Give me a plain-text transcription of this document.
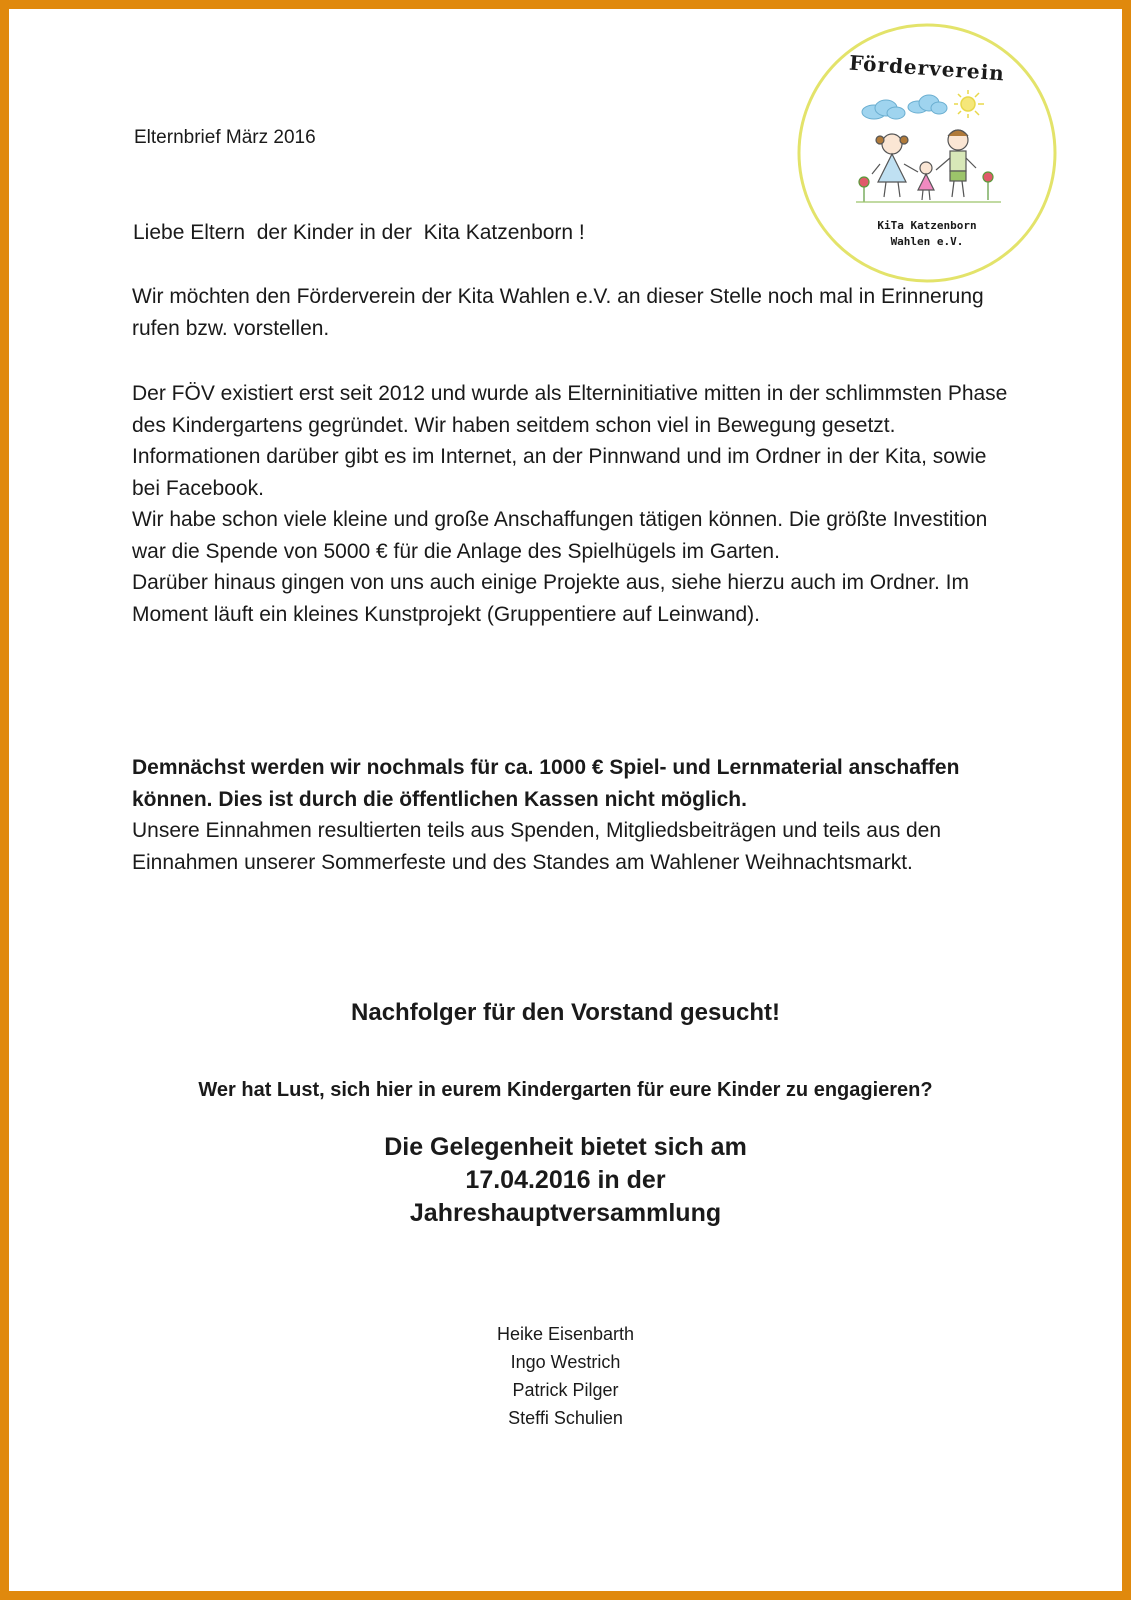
Förderverein

KiTa Katzenborn
Wahlen e.V.

Elternbrief März 2016

Liebe Eltern  der Kinder in der  Kita Katzenborn !

Wir möchten den Förderverein der Kita Wahlen e.V. an dieser Stelle noch mal in Erinnerung rufen bzw. vorstellen.

Der FÖV existiert erst seit 2012 und wurde als Elterninitiative mitten in der schlimmsten Phase des Kindergartens gegründet. Wir haben seitdem schon viel in Bewegung gesetzt.
Informationen darüber gibt es im Internet, an der Pinnwand und im Ordner in der Kita, sowie bei Facebook.
Wir habe schon viele kleine und große Anschaffungen tätigen können. Die größte Investition war die Spende von 5000 € für die Anlage des Spielhügels im Garten.
Darüber hinaus gingen von uns auch einige Projekte aus, siehe hierzu auch im Ordner. Im Moment läuft ein kleines Kunstprojekt (Gruppentiere auf Leinwand).
Demnächst werden wir nochmals für ca. 1000 € Spiel- und Lernmaterial anschaffen können. Dies ist durch die öffentlichen Kassen nicht möglich.
Unsere Einnahmen resultierten teils aus Spenden, Mitgliedsbeiträgen und teils aus den Einnahmen unserer Sommerfeste und des Standes am Wahlener Weihnachtsmarkt.

Nachfolger für den Vorstand gesucht!

Wer hat Lust, sich hier in eurem Kindergarten für eure Kinder zu engagieren?

Die Gelegenheit bietet sich am
17.04.2016 in der
Jahreshauptversammlung

Heike Eisenbarth
Ingo Westrich
Patrick Pilger
Steffi Schulien
